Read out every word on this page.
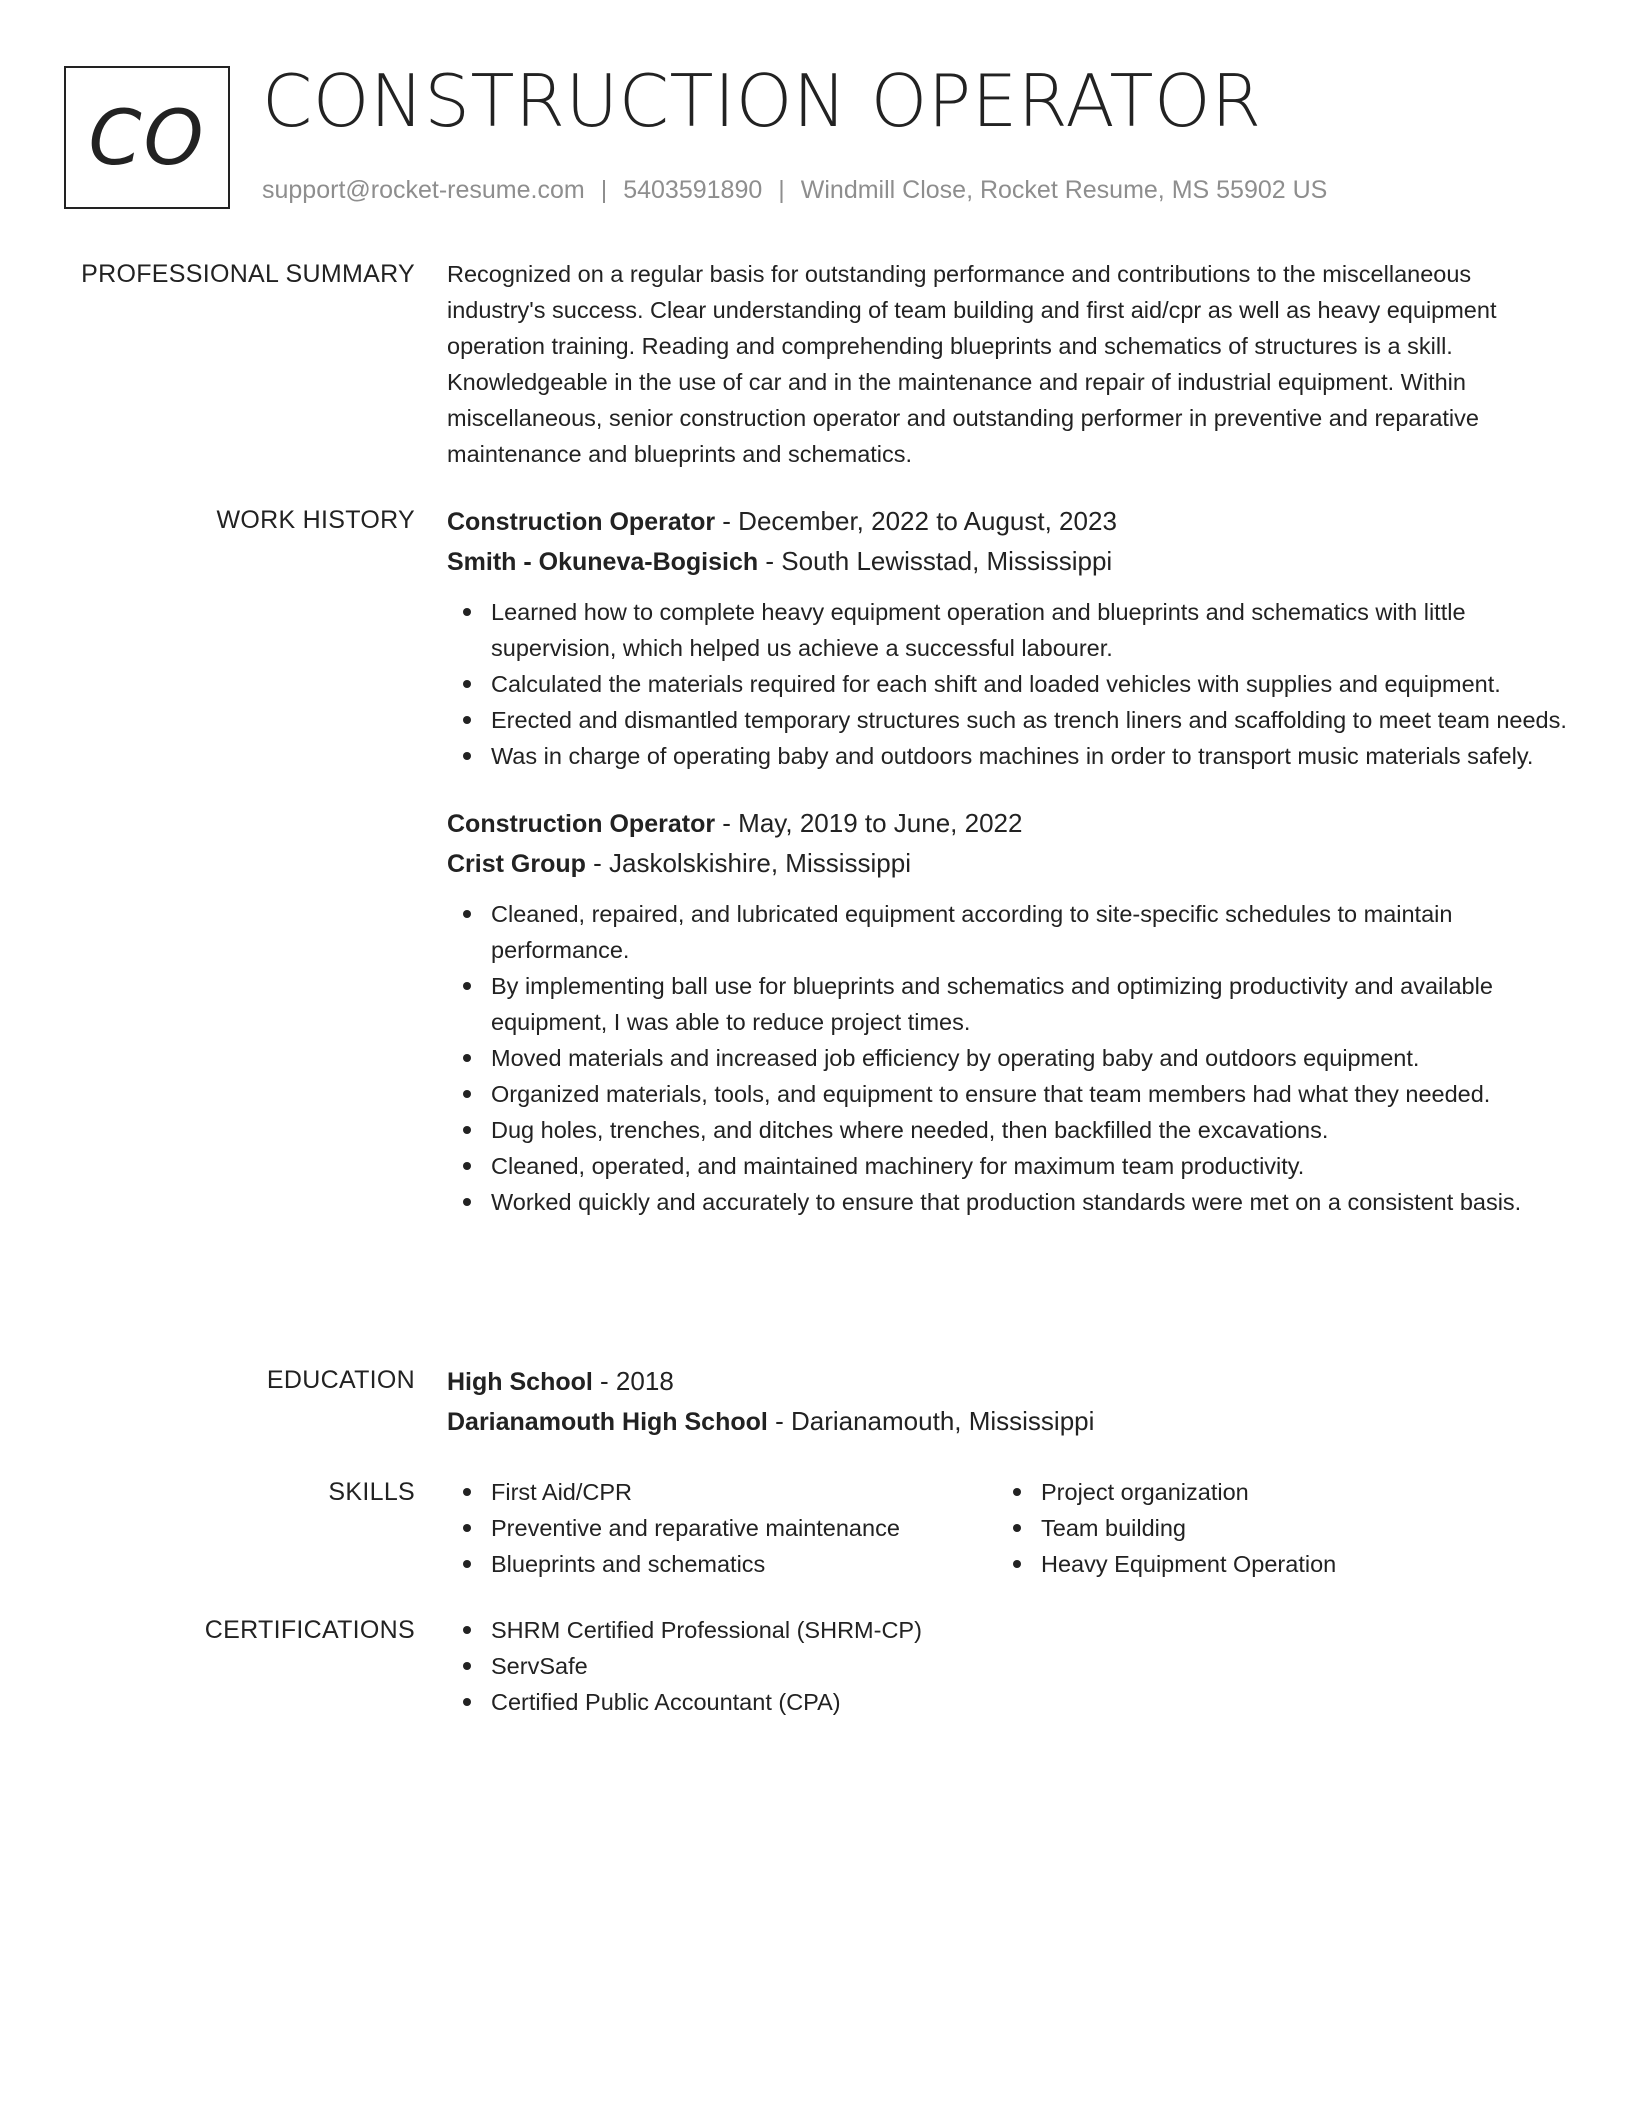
CO CONSTRUCTION OPERATOR
support@rocket-resume.com | 5403591890 | Windmill Close, Rocket Resume, MS 55902 US
PROFESSIONAL SUMMARY Recognized on a regular basis for outstanding performance and contributions to the miscellaneous industry's success. Clear understanding of team building and first aid/cpr as well as heavy equipment operation training. Reading and comprehending blueprints and schematics of structures is a skill. Knowledgeable in the use of car and in the maintenance and repair of industrial equipment. Within miscellaneous, senior construction operator and outstanding performer in preventive and reparative maintenance and blueprints and schematics.

WORK HISTORY Construction Operator - December, 2022 to August, 2023
Smith - Okuneva-Bogisich - South Lewisstad, Mississippi
Learned how to complete heavy equipment operation and blueprints and schematics with little supervision, which helped us achieve a successful labourer.
Calculated the materials required for each shift and loaded vehicles with supplies and equipment.
Erected and dismantled temporary structures such as trench liners and scaffolding to meet team needs.
Was in charge of operating baby and outdoors machines in order to transport music materials safely.
Construction Operator - May, 2019 to June, 2022
Crist Group - Jaskolskishire, Mississippi
Cleaned, repaired, and lubricated equipment according to site-specific schedules to maintain performance.
By implementing ball use for blueprints and schematics and optimizing productivity and available equipment, I was able to reduce project times.
Moved materials and increased job efficiency by operating baby and outdoors equipment.
Organized materials, tools, and equipment to ensure that team members had what they needed.
Dug holes, trenches, and ditches where needed, then backfilled the excavations.
Cleaned, operated, and maintained machinery for maximum team productivity.
Worked quickly and accurately to ensure that production standards were met on a consistent basis.
EDUCATION High School - 2018
Darianamouth High School - Darianamouth, Mississippi
SKILLS	First Aid/CPR
Preventive and reparative maintenance
Blueprints and schematics
Project organization
Team building
Heavy Equipment Operation
CERTIFICATIONS	SHRM Certified Professional (SHRM-CP)
ServSafe
Certified Public Accountant (CPA)
